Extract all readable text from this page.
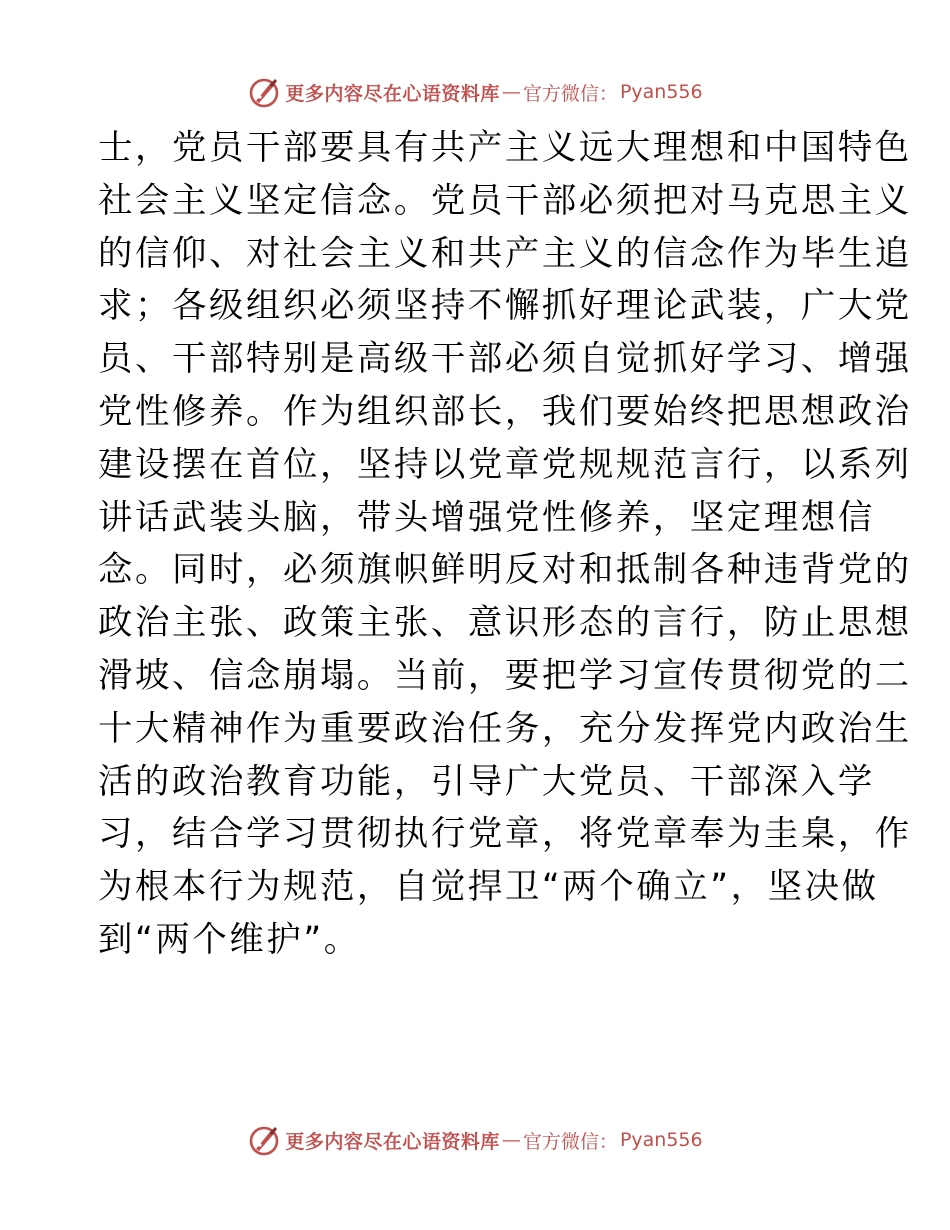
更多内容尽在心语资料库 — 官方微信： Pyan556
士，党员干部要具有共产主义远大理想和中国特色
社会主义坚定信念。党员干部必须把对马克思主义
的信仰、对社会主义和共产主义的信念作为毕生追
求；各级组织必须坚持不懈抓好理论武装，广大党
员、干部特别是高级干部必须自觉抓好学习、增强
党性修养。作为组织部长，我们要始终把思想政治
建设摆在首位，坚持以党章党规规范言行，以系列
讲话武装头脑，带头增强党性修养，坚定理想信
念。同时，必须旗帜鲜明反对和抵制各种违背党的
政治主张、政策主张、意识形态的言行，防止思想
滑坡、信念崩塌。当前，要把学习宣传贯彻党的二
十大精神作为重要政治任务，充分发挥党内政治生
活的政治教育功能，引导广大党员、干部深入学
习，结合学习贯彻执行党章，将党章奉为圭臬，作
为根本行为规范，自觉捍卫“两个确立”，坚决做
到“两个维护”。
更多内容尽在心语资料库 — 官方微信： Pyan556
